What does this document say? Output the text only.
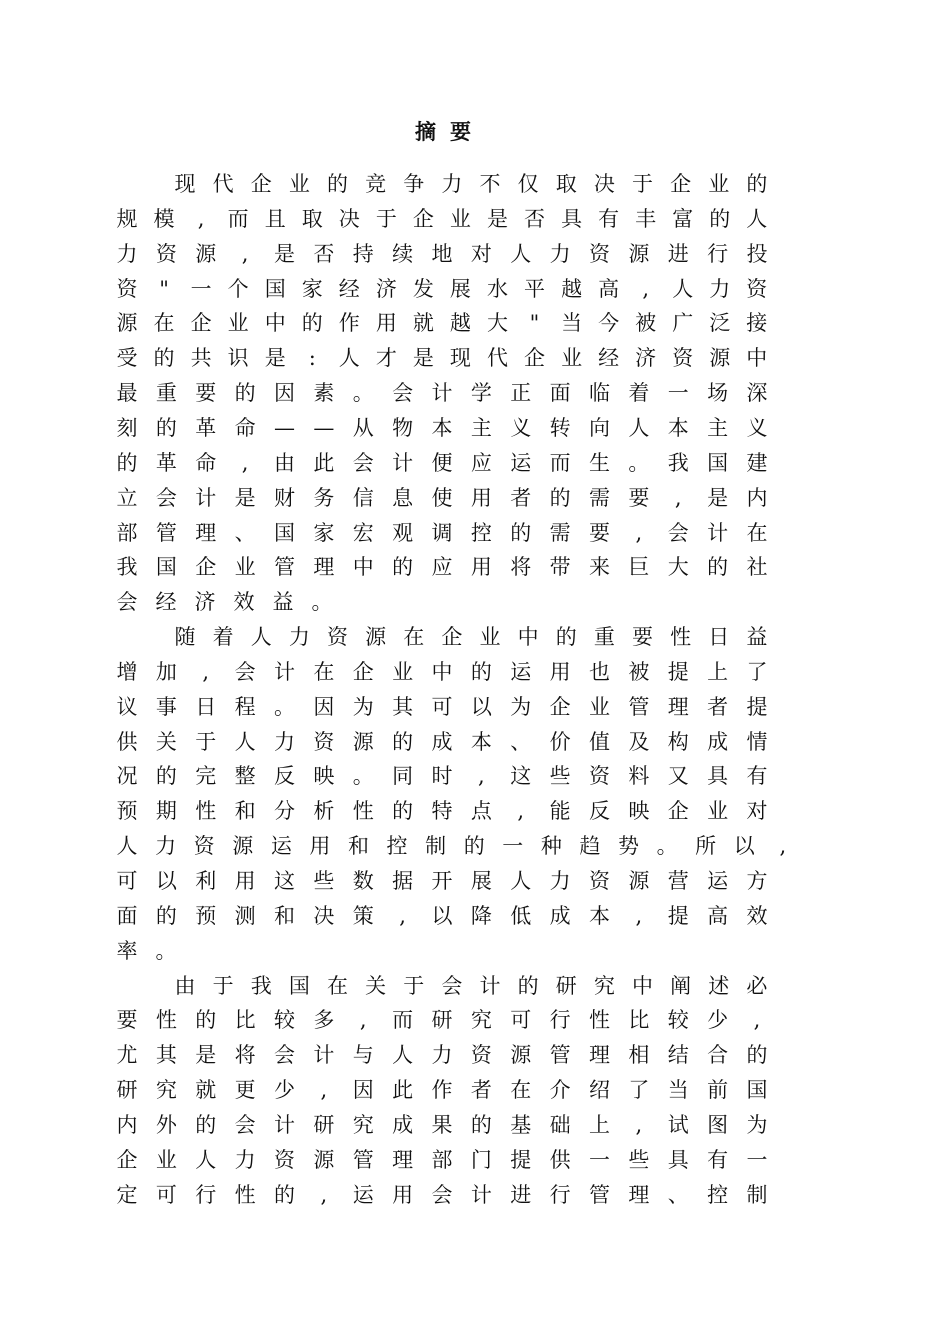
摘要
现 代 企 业 的 竞 争 力 不 仅 取 决 于 企 业 的
规 模	,	而 且 取 决 于 企 业 是 否 具 有 丰 富 的 人
力 资 源	,	是 否 持 续 地 对 人 力 资 源 进 行 投
资 " 一 个 国 家 经 济 发 展 水 平 越 高	,	人 力 资
源 在 企 业 中 的 作 用 就 越 大 " 当 今 被 广 泛 接
受 的 共 识 是	:	人 才 是 现 代 企 业 经 济 资 源 中
最 重 要 的 因 素 。 会 计 学 正 面 临 着 一 场 深
刻 的 革 命 — — 从 物 本 主 义 转 向 人 本 主 义
的 革 命	,	由 此 会 计 便 应 运 而 生 。 我 国 建
立 会 计 是 财 务 信 息 使 用 者 的 需 要	,	是 内
部 管 理 、 国 家 宏 观 调 控 的 需 要	,	会 计 在
我 国 企 业 管 理 中 的 应 用 将 带 来 巨 大 的 社
会 经 济 效 益 。
随 着 人 力 资 源 在 企 业 中 的 重 要 性 日 益
增 加	,	会 计 在 企 业 中 的 运 用 也 被 提 上 了
议 事 日 程 。 因 为 其 可 以 为 企 业 管 理 者 提
供 关 于 人 力 资 源 的 成 本 、 价 值 及 构 成 情
况 的 完 整 反 映 。 同 时	,	这 些 资 料 又 具 有
预 期 性 和 分 析 性 的 特 点	,	能 反 映 企 业 对
人 力 资 源 运 用 和 控 制 的 一 种 趋 势 。 所 以	,
可 以 利 用 这 些 数 据 开 展 人 力 资 源 营 运 方
面 的 预 测 和 决 策	,	以 降 低 成 本	,	提 高 效
率 。
由 于 我 国 在 关 于 会 计 的 研 究 中 阐 述 必
要 性 的 比 较 多	,	而 研 究 可 行 性 比 较 少	,
尤 其 是 将 会 计 与 人 力 资 源 管 理 相 结 合 的
研 究 就 更 少	,	因 此 作 者 在 介 绍 了 当 前 国
内 外 的 会 计 研 究 成 果 的 基 础 上	,	试 图 为
企 业 人 力 资 源 管 理 部 门 提 供 一 些 具 有 一
定 可 行 性 的	,	运 用 会 计 进 行 管 理 、 控 制
